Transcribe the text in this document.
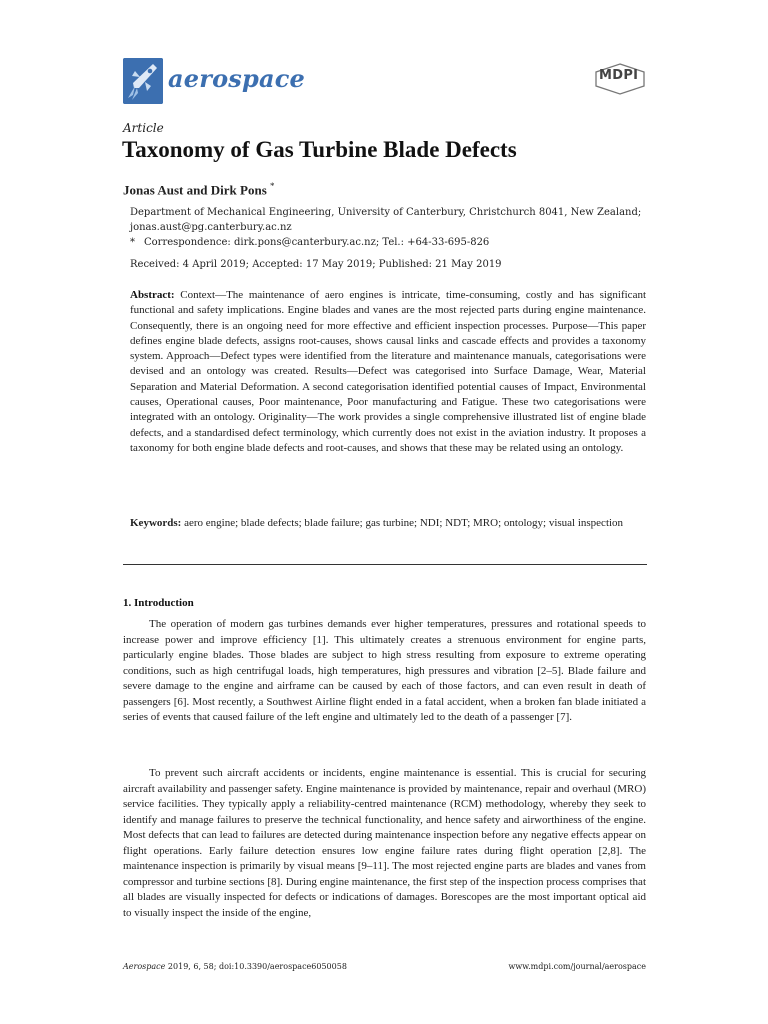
aerospace	MDPI
Article
Taxonomy of Gas Turbine Blade Defects
Jonas Aust and Dirk Pons *
Department of Mechanical Engineering, University of Canterbury, Christchurch 8041, New Zealand;
jonas.aust@pg.canterbury.ac.nz
* Correspondence: dirk.pons@canterbury.ac.nz; Tel.: +64-33-695-826
Received: 4 April 2019; Accepted: 17 May 2019; Published: 21 May 2019
Abstract: Context—The maintenance of aero engines is intricate, time-consuming, costly and has significant functional and safety implications. Engine blades and vanes are the most rejected parts during engine maintenance. Consequently, there is an ongoing need for more effective and efficient inspection processes. Purpose—This paper defines engine blade defects, assigns root-causes, shows causal links and cascade effects and provides a taxonomy system. Approach—Defect types were identified from the literature and maintenance manuals, categorisations were devised and an ontology was created. Results—Defect was categorised into Surface Damage, Wear, Material Separation and Material Deformation. A second categorisation identified potential causes of Impact, Environmental causes, Operational causes, Poor maintenance, Poor manufacturing and Fatigue. These two categorisations were integrated with an ontology. Originality—The work provides a single comprehensive illustrated list of engine blade defects, and a standardised defect terminology, which currently does not exist in the aviation industry. It proposes a taxonomy for both engine blade defects and root-causes, and shows that these may be related using an ontology.
Keywords: aero engine; blade defects; blade failure; gas turbine; NDI; NDT; MRO; ontology; visual inspection
1. Introduction
The operation of modern gas turbines demands ever higher temperatures, pressures and rotational speeds to increase power and improve efficiency [1]. This ultimately creates a strenuous environment for engine parts, particularly engine blades. Those blades are subject to high stress resulting from exposure to extreme operating conditions, such as high centrifugal loads, high temperatures, high pressures and vibration [2–5]. Blade failure and severe damage to the engine and airframe can be caused by each of those factors, and can even result in death of passengers [6]. Most recently, a Southwest Airline flight ended in a fatal accident, when a broken fan blade initiated a series of events that caused failure of the left engine and ultimately led to the death of a passenger [7].
To prevent such aircraft accidents or incidents, engine maintenance is essential. This is crucial for securing aircraft availability and passenger safety. Engine maintenance is provided by maintenance, repair and overhaul (MRO) service facilities. They typically apply a reliability-centred maintenance (RCM) methodology, whereby they seek to identify and manage failures to preserve the technical functionality, and hence safety and airworthiness of the engine. Most defects that can lead to failures are detected during maintenance inspection before any negative effects appear on flight operations. Early failure detection ensures low engine failure rates during flight operation [2,8]. The maintenance inspection is primarily by visual means [9–11]. The most rejected engine parts are blades and vanes from compressor and turbine sections [8]. During engine maintenance, the first step of the inspection process comprises that all blades are visually inspected for defects or indications of damages. Borescopes are the most important optical aid to visually inspect the inside of the engine,
Aerospace 2019, 6, 58; doi:10.3390/aerospace6050058	www.mdpi.com/journal/aerospace
